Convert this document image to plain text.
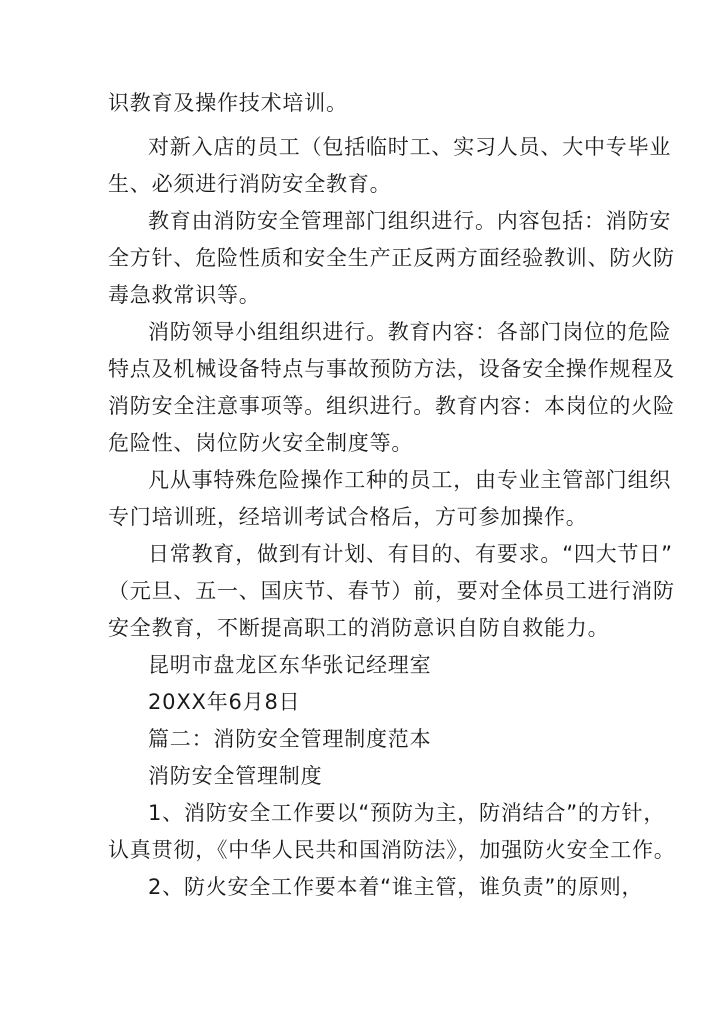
识教育及操作技术培训。
对新入店的员工（包括临时工、实习人员、大中专毕业
生、必须进行消防安全教育。
教育由消防安全管理部门组织进行。内容包括：消防安
全方针、危险性质和安全生产正反两方面经验教训、防火防
毒急救常识等。
消防领导小组组织进行。教育内容：各部门岗位的危险
特点及机械设备特点与事故预防方法，设备安全操作规程及
消防安全注意事项等。组织进行。教育内容：本岗位的火险
危险性、岗位防火安全制度等。
凡从事特殊危险操作工种的员工，由专业主管部门组织
专门培训班，经培训考试合格后，方可参加操作。
日常教育，做到有计划、有目的、有要求。“四大节日”
（元旦、五一、国庆节、春节）前，要对全体员工进行消防
安全教育，不断提高职工的消防意识自防自救能力。
昆明市盘龙区东华张记经理室
20XX年6月8日
篇二：消防安全管理制度范本
消防安全管理制度
1、消防安全工作要以“预防为主，防消结合”的方针，
认真贯彻，《中华人民共和国消防法》，加强防火安全工作。
2、防火安全工作要本着“谁主管，谁负责”的原则，
